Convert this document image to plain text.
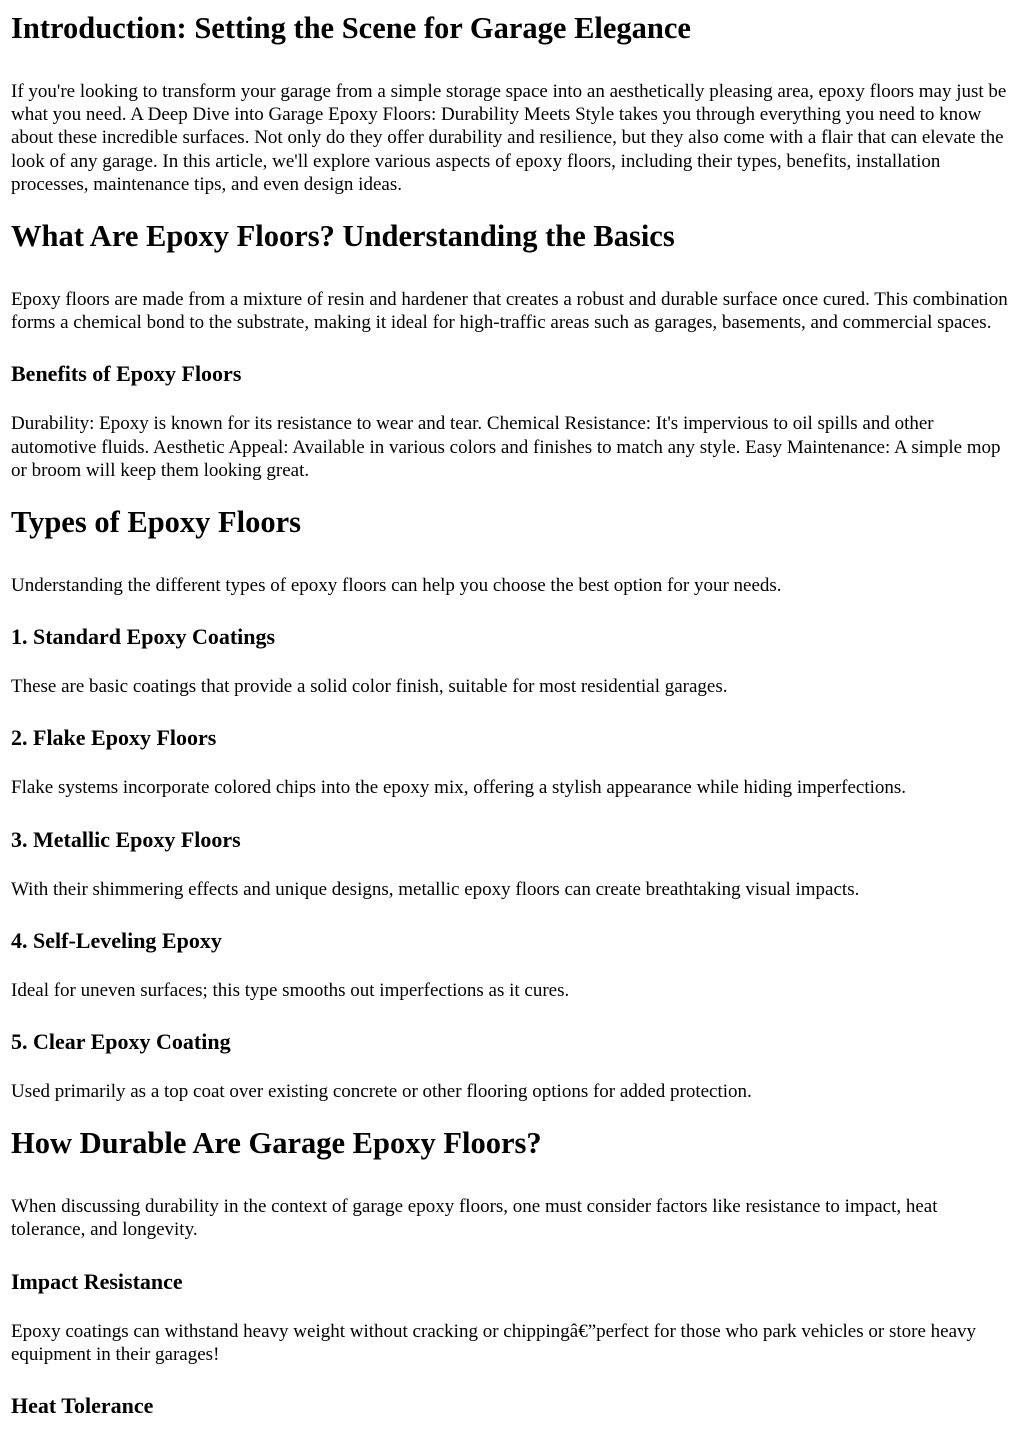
Introduction: Setting the Scene for Garage Elegance

If you're looking to transform your garage from a simple storage space into an aesthetically pleasing area, epoxy floors may just be what you need. A Deep Dive into Garage Epoxy Floors: Durability Meets Style takes you through everything you need to know about these incredible surfaces. Not only do they offer durability and resilience, but they also come with a flair that can elevate the look of any garage. In this article, we'll explore various aspects of epoxy floors, including their types, benefits, installation processes, maintenance tips, and even design ideas.

What Are Epoxy Floors? Understanding the Basics

Epoxy floors are made from a mixture of resin and hardener that creates a robust and durable surface once cured. This combination forms a chemical bond to the substrate, making it ideal for high-traffic areas such as garages, basements, and commercial spaces.

Benefits of Epoxy Floors

Durability: Epoxy is known for its resistance to wear and tear. Chemical Resistance: It's impervious to oil spills and other automotive fluids. Aesthetic Appeal: Available in various colors and finishes to match any style. Easy Maintenance: A simple mop or broom will keep them looking great.

Types of Epoxy Floors

Understanding the different types of epoxy floors can help you choose the best option for your needs.

1. Standard Epoxy Coatings

These are basic coatings that provide a solid color finish, suitable for most residential garages.

2. Flake Epoxy Floors

Flake systems incorporate colored chips into the epoxy mix, offering a stylish appearance while hiding imperfections.

3. Metallic Epoxy Floors

With their shimmering effects and unique designs, metallic epoxy floors can create breathtaking visual impacts.

4. Self-Leveling Epoxy

Ideal for uneven surfaces; this type smooths out imperfections as it cures.

5. Clear Epoxy Coating

Used primarily as a top coat over existing concrete or other flooring options for added protection.

How Durable Are Garage Epoxy Floors?

When discussing durability in the context of garage epoxy floors, one must consider factors like resistance to impact, heat tolerance, and longevity.

Impact Resistance

Epoxy coatings can withstand heavy weight without cracking or chippingâ€”perfect for those who park vehicles or store heavy equipment in their garages!

Heat Tolerance
